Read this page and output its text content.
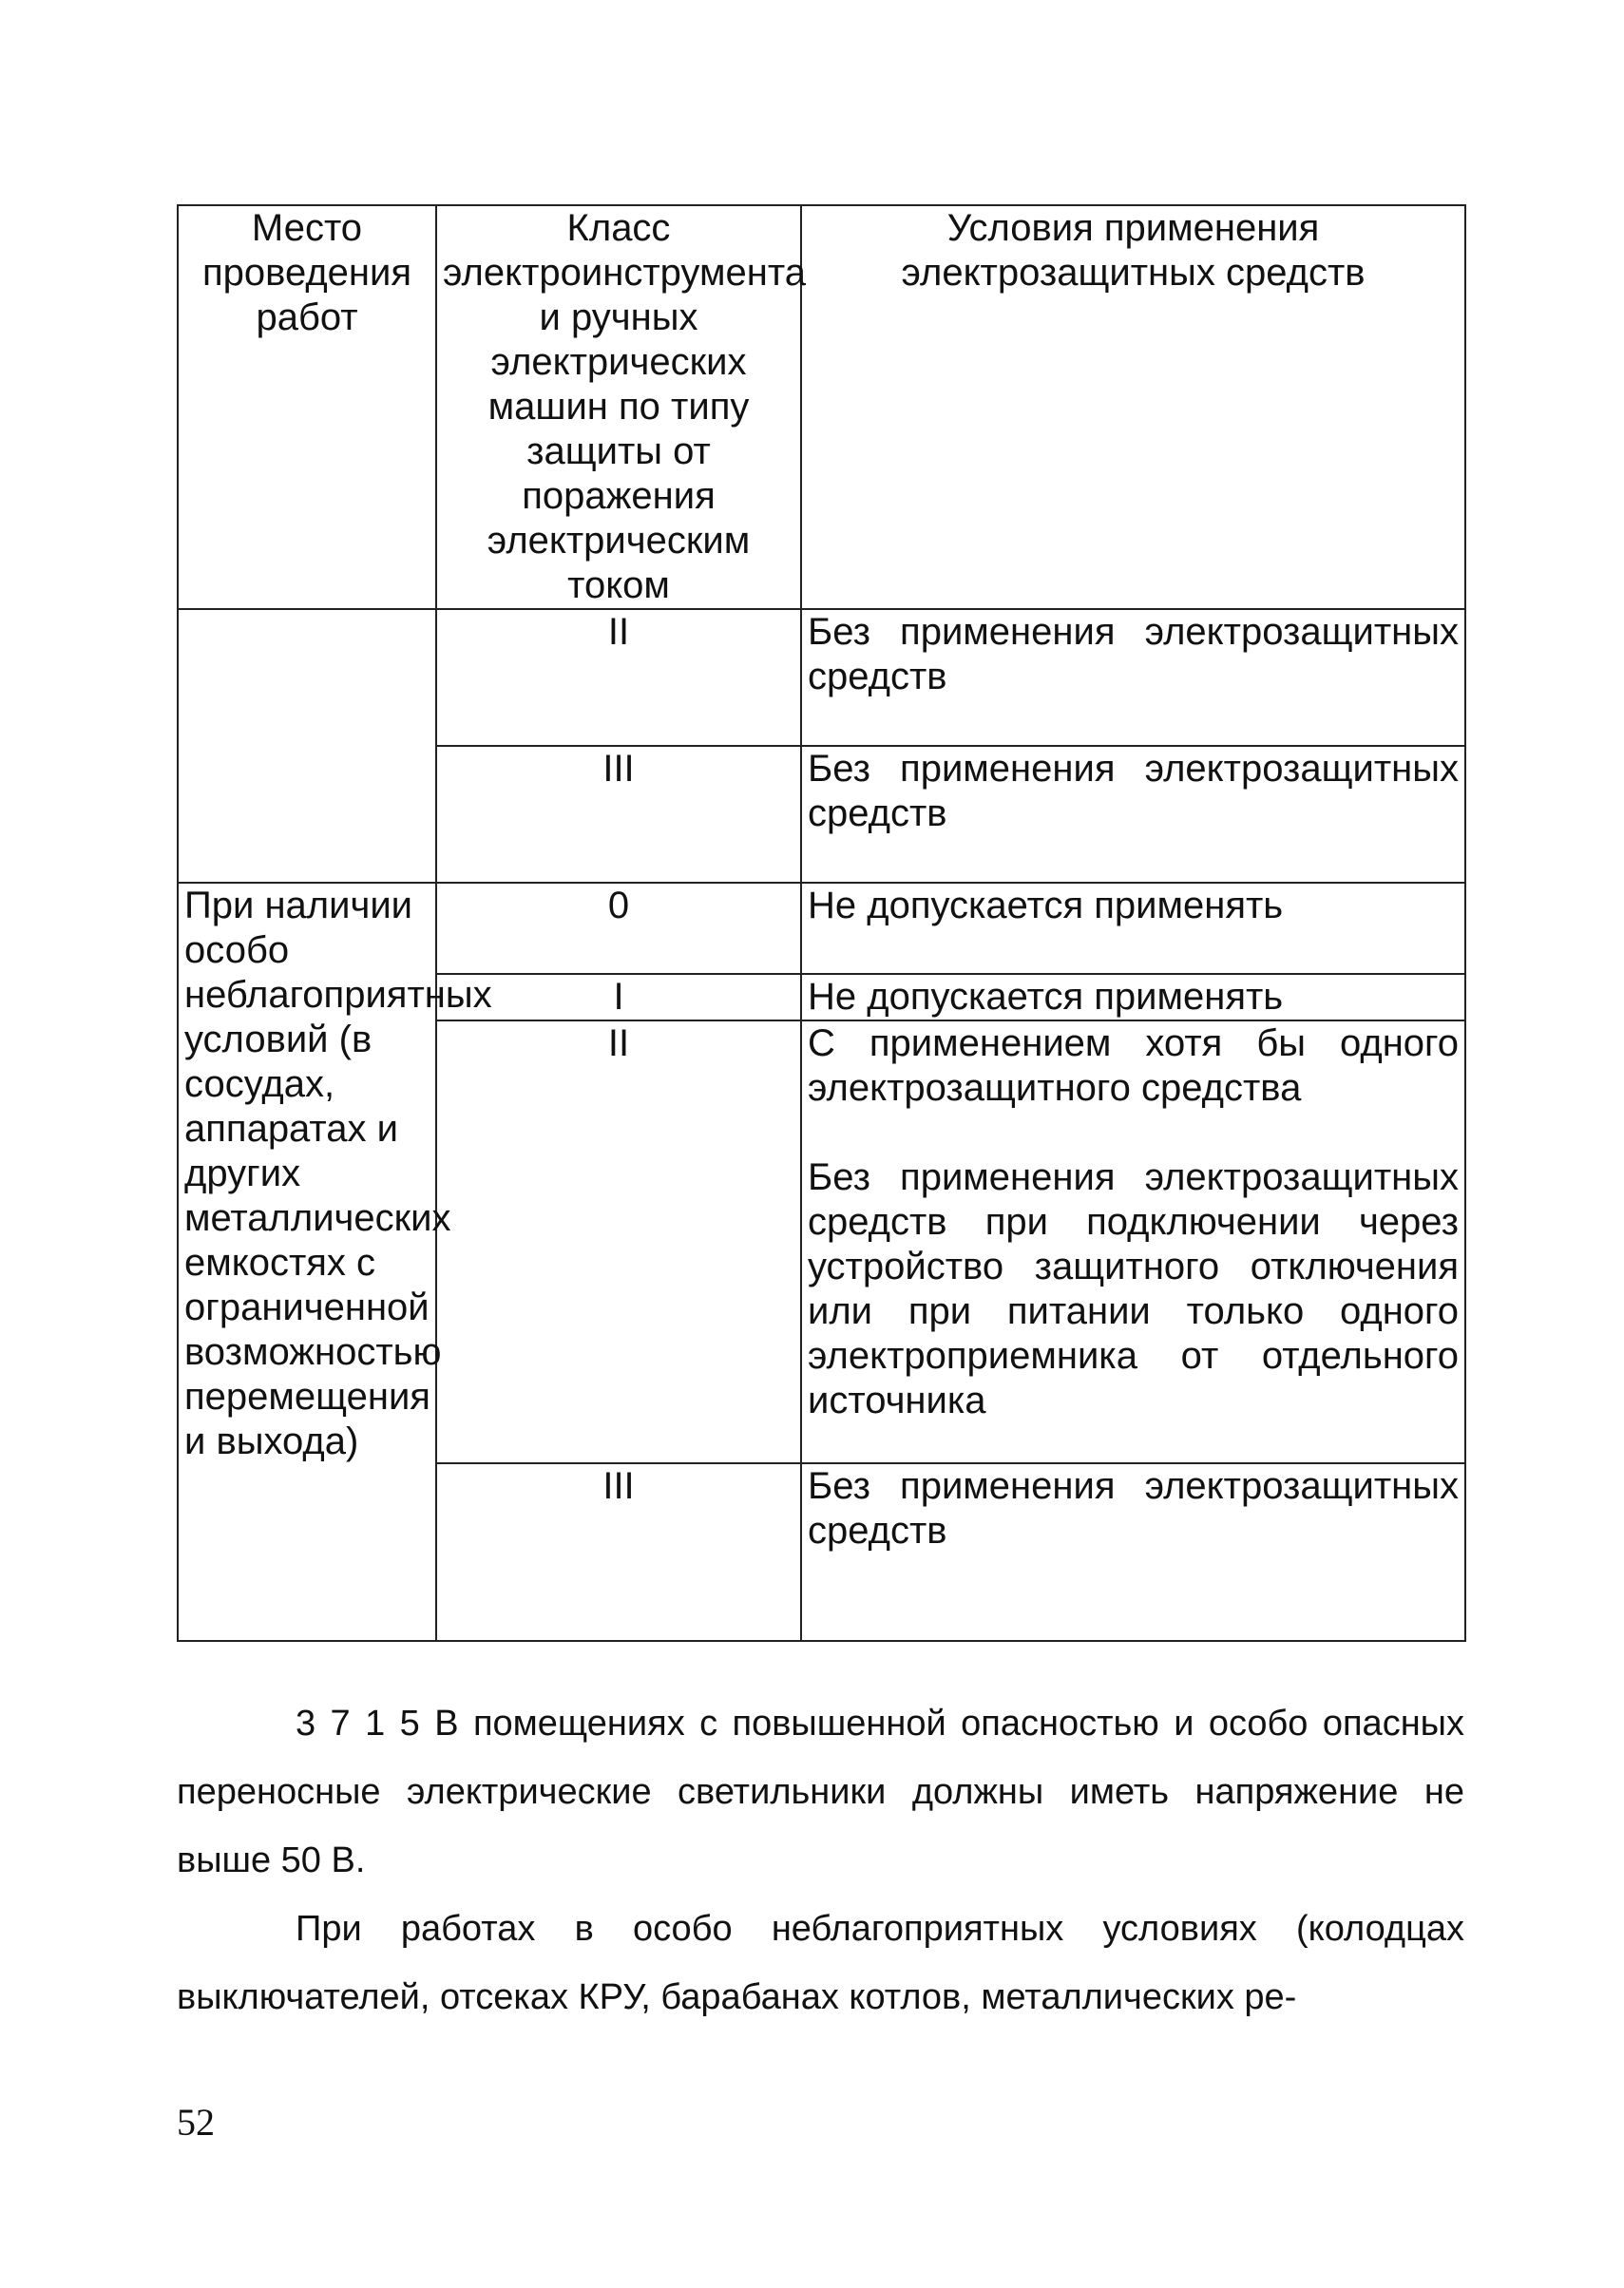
Место проведения работ	Класс электроинструмента и ручных электрических машин по типу защиты от поражения электрическим током	Условия применения электрозащитных средств
	II	Без применения электрозащитных средств

	III	Без применения электрозащитных средств

При наличии особо неблагоприятных условий (в сосудах, аппаратах и других металлических емкостях с ограниченной возможностью перемещения и выхода)	0	Не допускается применять

	I	Не допускается применять

	II	С применением хотя бы одного электрозащитного средства
Без применения электрозащитных средств при подключении через устройство защитного отключения или при питании только одного электроприемника от отдельного источника

	III	Без применения электрозащитных средств

3 7 1 5 В помещениях с повышенной опасностью и особо опасных переносные электрические светильники должны иметь напряжение не выше 50 В.

При работах в особо неблагоприятных условиях (колодцах выключателей, отсеках КРУ, барабанах котлов, металлических ре-

52
